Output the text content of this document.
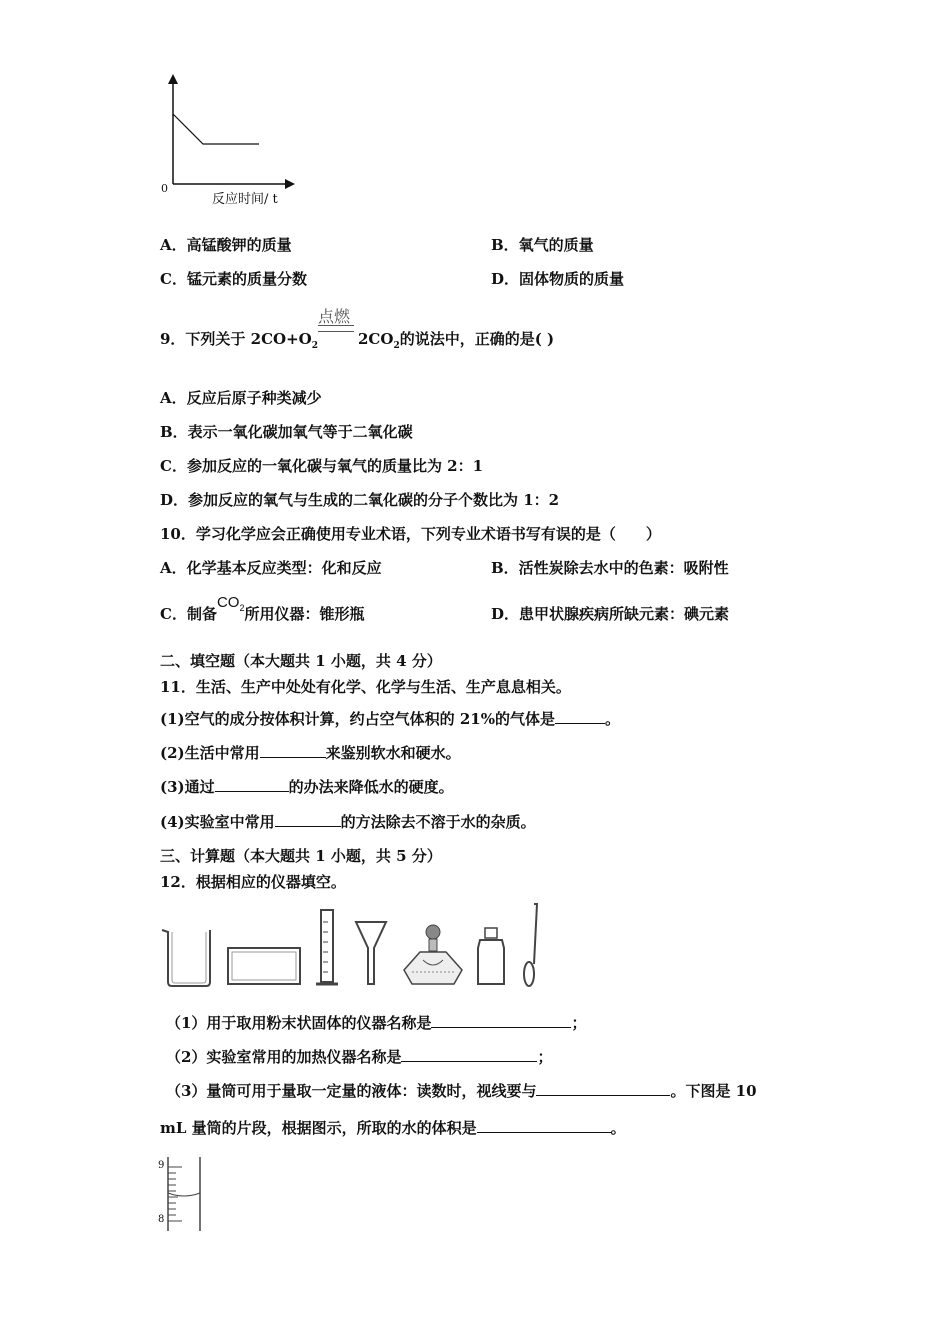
0
反应时间/ t
A．高锰酸钾的质量	B．氧气的质量
C．锰元素的质量分数	D．固体物质的质量
点燃
9．下列关于 $2CO+O_2$	$2CO_2$的说法中，正确的是( )
A．反应后原子种类减少
B．表示一氧化碳加氧气等于二氧化碳
C．参加反应的一氧化碳与氧气的质量比为 2：1
D．参加反应的氧气与生成的二氧化碳的分子个数比为 1：2
10．学习化学应会正确使用专业术语，下列专业术语书写有误的是（　　）
A．化学基本反应类型：化和反应	B．活性炭除去水中的色素：吸附性
C．制备$CO_2$所用仪器：锥形瓶	D．患甲状腺疾病所缺元素：碘元素
二、填空题（本大题共 1 小题，共 4 分）
11．生活、生产中处处有化学、化学与生活、生产息息相关。
(1)空气的成分按体积计算，约占空气体积的 21%的气体是	。
(2)生活中常用	来鉴别软水和硬水。
(3)通过	的办法来降低水的硬度。
(4)实验室中常用	的方法除去不溶于水的杂质。
三、计算题（本大题共 1 小题，共 5 分）
12．根据相应的仪器填空。
（1）用于取用粉末状固体的仪器名称是	；
（2）实验室常用的加热仪器名称是	；
（3）量筒可用于量取一定量的液体：读数时，视线要与	。下图是 10
mL 量筒的片段，根据图示，所取的水的体积是	。
9
8
